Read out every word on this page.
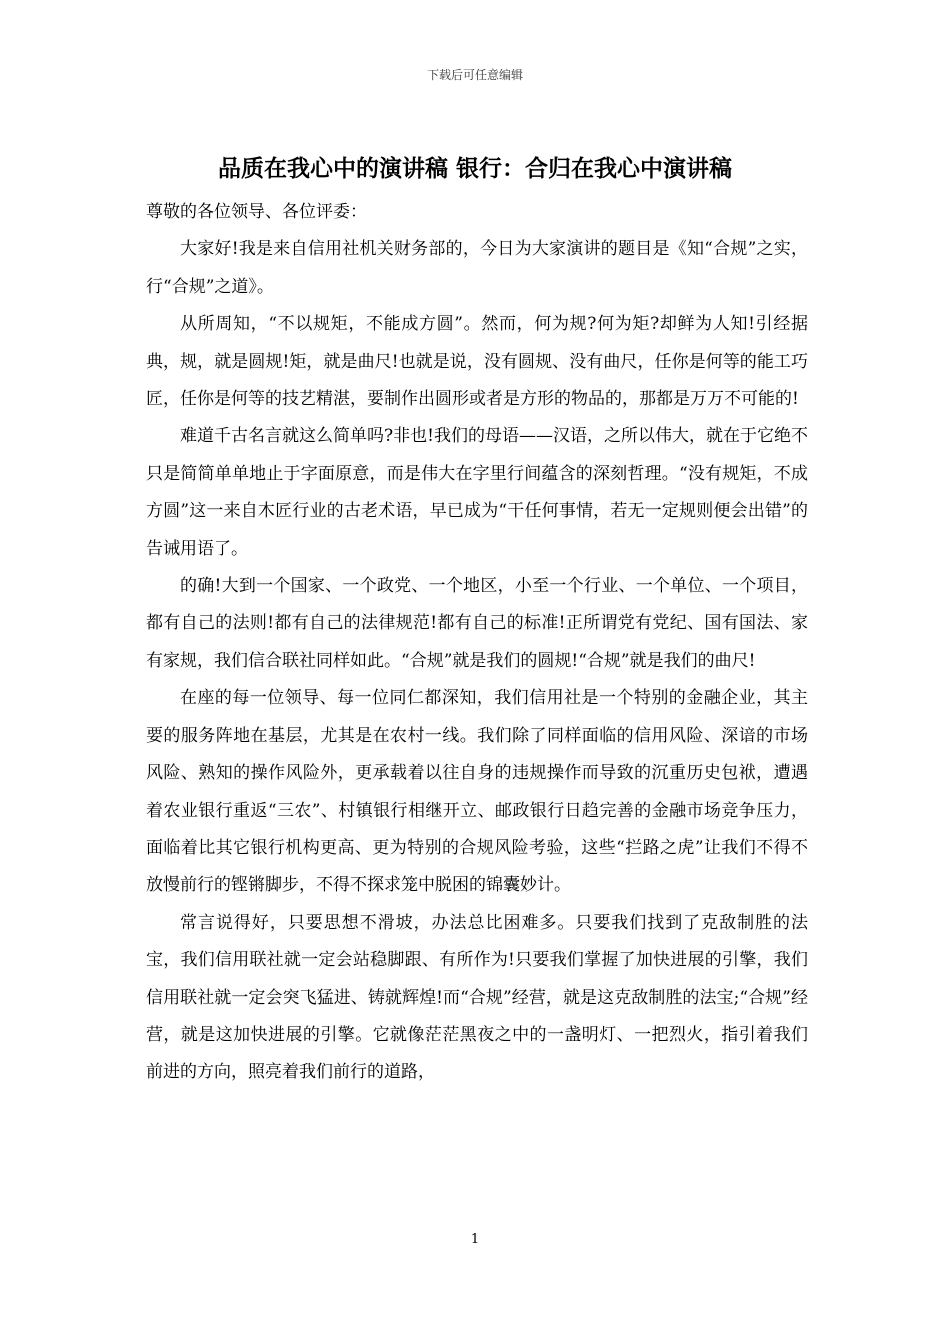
下载后可任意编辑
品质在我心中的演讲稿 银行：合归在我心中演讲稿

尊敬的各位领导、各位评委：

大家好!我是来自信用社机关财务部的，今日为大家演讲的题目是《知“合规”之实，行“合规”之道》。

从所周知，“不以规矩，不能成方圆”。然而，何为规?何为矩?却鲜为人知!引经据典，规，就是圆规!矩，就是曲尺!也就是说，没有圆规、没有曲尺，任你是何等的能工巧匠，任你是何等的技艺精湛，要制作出圆形或者是方形的物品的，那都是万万不可能的!

难道千古名言就这么简单吗?非也!我们的母语——汉语，之所以伟大，就在于它绝不只是简简单单地止于字面原意，而是伟大在字里行间蕴含的深刻哲理。“没有规矩，不成方圆”这一来自木匠行业的古老术语，早已成为“干任何事情，若无一定规则便会出错”的告诫用语了。

的确!大到一个国家、一个政党、一个地区，小至一个行业、一个单位、一个项目，都有自己的法则!都有自己的法律规范!都有自己的标准!正所谓党有党纪、国有国法、家有家规，我们信合联社同样如此。“合规”就是我们的圆规!“合规”就是我们的曲尺!

在座的每一位领导、每一位同仁都深知，我们信用社是一个特别的金融企业，其主要的服务阵地在基层，尤其是在农村一线。我们除了同样面临的信用风险、深谙的市场风险、熟知的操作风险外，更承载着以往自身的违规操作而导致的沉重历史包袱，遭遇着农业银行重返“三农”、村镇银行相继开立、邮政银行日趋完善的金融市场竞争压力，面临着比其它银行机构更高、更为特别的合规风险考验，这些“拦路之虎”让我们不得不放慢前行的铿锵脚步，不得不探求笼中脱困的锦囊妙计。

常言说得好，只要思想不滑坡，办法总比困难多。只要我们找到了克敌制胜的法宝，我们信用联社就一定会站稳脚跟、有所作为!只要我们掌握了加快进展的引擎，我们信用联社就一定会突飞猛进、铸就辉煌!而“合规”经营，就是这克敌制胜的法宝;“合规”经营，就是这加快进展的引擎。它就像茫茫黑夜之中的一盏明灯、一把烈火，指引着我们前进的方向，照亮着我们前行的道路，

1
